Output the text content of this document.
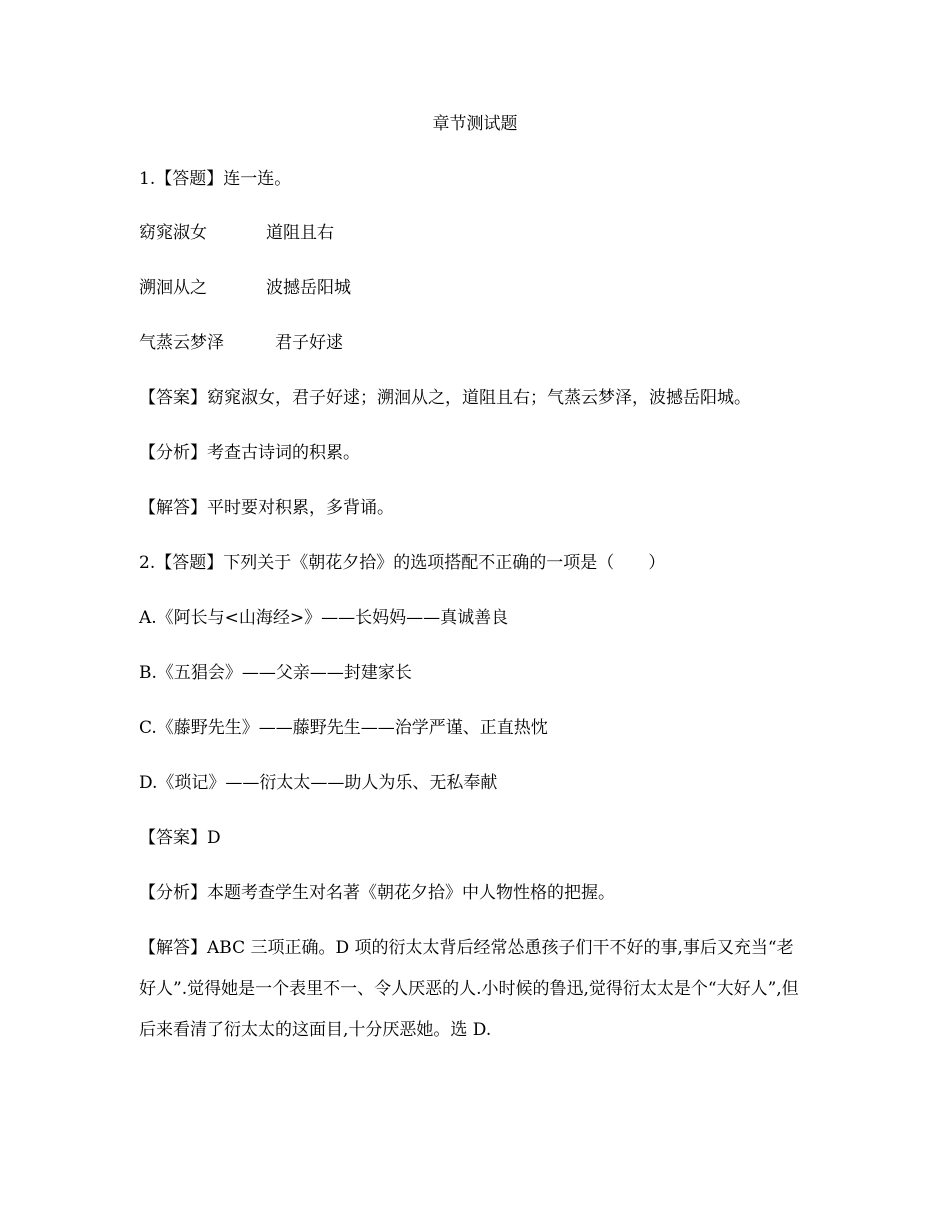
章节测试题
1.【答题】连一连。
窈窕淑女	道阻且右
溯洄从之	波撼岳阳城
气蒸云梦泽	君子好逑
【答案】窈窕淑女，君子好逑；溯洄从之，道阻且右；气蒸云梦泽，波撼岳阳城。
【分析】考查古诗词的积累。
【解答】平时要对积累，多背诵。
2.【答题】下列关于《朝花夕拾》的选项搭配不正确的一项是（　　）
A.《阿长与<山海经>》——长妈妈——真诚善良
B.《五猖会》——父亲——封建家长
C.《藤野先生》——藤野先生——治学严谨、正直热忱
D.《琐记》——衍太太——助人为乐、无私奉献
【答案】D
【分析】本题考查学生对名著《朝花夕拾》中人物性格的把握。
【解答】ABC 三项正确。D 项的衍太太背后经常怂恿孩子们干不好的事,事后又充当“老好人”.觉得她是一个表里不一、令人厌恶的人.小时候的鲁迅,觉得衍太太是个“大好人”,但后来看清了衍太太的这面目,十分厌恶她。选 D.
